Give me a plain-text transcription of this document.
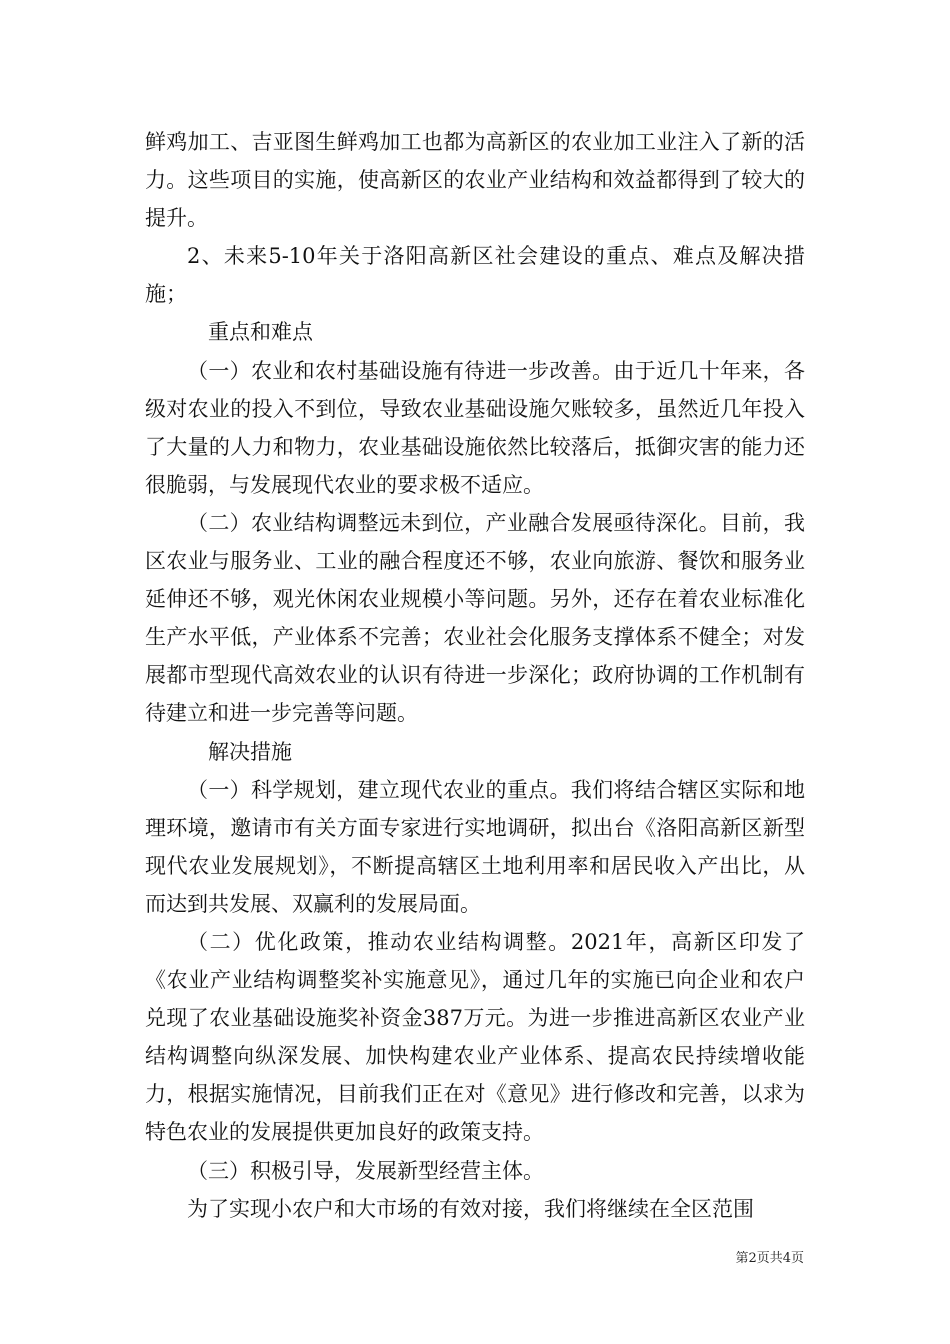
鲜鸡加工、吉亚图生鲜鸡加工也都为高新区的农业加工业注入了新的活力。这些项目的实施，使高新区的农业产业结构和效益都得到了较大的提升。

2、未来5-10年关于洛阳高新区社会建设的重点、难点及解决措施；

重点和难点

（一）农业和农村基础设施有待进一步改善。由于近几十年来，各级对农业的投入不到位，导致农业基础设施欠账较多，虽然近几年投入了大量的人力和物力，农业基础设施依然比较落后，抵御灾害的能力还很脆弱，与发展现代农业的要求极不适应。

（二）农业结构调整远未到位，产业融合发展亟待深化。目前，我区农业与服务业、工业的融合程度还不够，农业向旅游、餐饮和服务业延伸还不够，观光休闲农业规模小等问题。另外，还存在着农业标准化生产水平低，产业体系不完善；农业社会化服务支撑体系不健全；对发展都市型现代高效农业的认识有待进一步深化；政府协调的工作机制有待建立和进一步完善等问题。

解决措施

（一）科学规划，建立现代农业的重点。我们将结合辖区实际和地理环境，邀请市有关方面专家进行实地调研，拟出台《洛阳高新区新型现代农业发展规划》，不断提高辖区土地利用率和居民收入产出比，从而达到共发展、双赢利的发展局面。

（二）优化政策，推动农业结构调整。2021年，高新区印发了《农业产业结构调整奖补实施意见》，通过几年的实施已向企业和农户兑现了农业基础设施奖补资金387万元。为进一步推进高新区农业产业结构调整向纵深发展、加快构建农业产业体系、提高农民持续增收能力，根据实施情况，目前我们正在对《意见》进行修改和完善，以求为特色农业的发展提供更加良好的政策支持。

（三）积极引导，发展新型经营主体。

为了实现小农户和大市场的有效对接，我们将继续在全区范围

第2页共4页
